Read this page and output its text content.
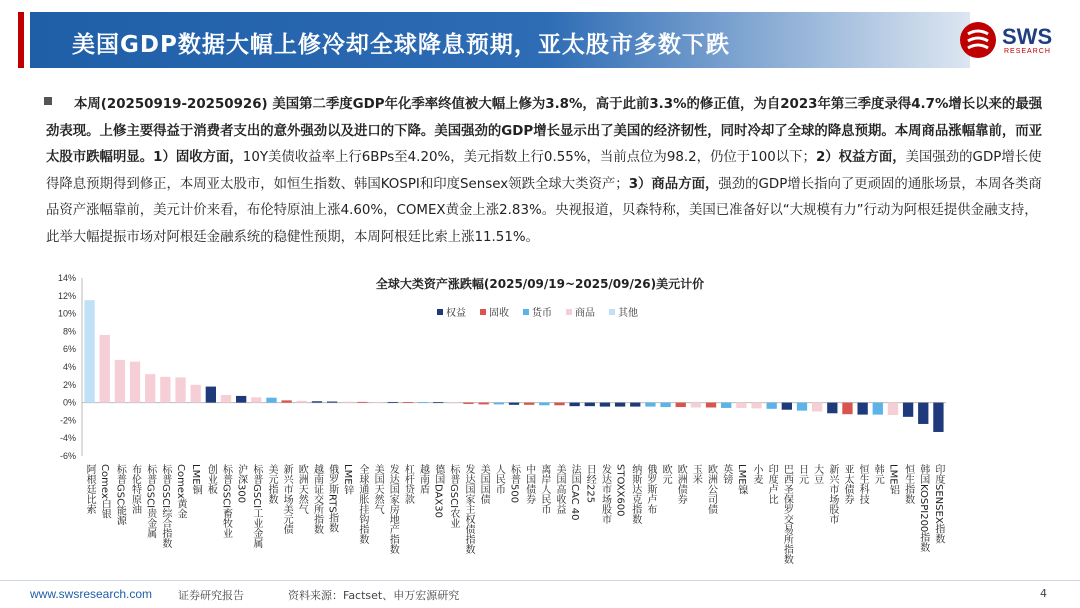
美国GDP数据大幅上修冷却全球降息预期，亚太股市多数下跌	SWS
RESEARCH
本周(20250919-20250926) 美国第二季度GDP年化季率终值被大幅上修为3.8%，高于此前3.3%的修正值，为自2023年第三季度录得4.7%增长以来的最强劲表现。上修主要得益于消费者支出的意外强劲以及进口的下降。美国强劲的GDP增长显示出了美国的经济韧性，同时冷却了全球的降息预期。本周商品涨幅靠前，而亚太股市跌幅明显。1）固收方面，10Y美债收益率上行6BPs至4.20%，美元指数上行0.55%，当前点位为98.2，仍位于100以下；2）权益方面，美国强劲的GDP增长使得降息预期得到修正，本周亚太股市，如恒生指数、韩国KOSPI和印度Sensex领跌全球大类资产；3）商品方面，强劲的GDP增长指向了更顽固的通胀场景，本周各类商品资产涨幅靠前，美元计价来看，布伦特原油上涨4.60%，COMEX黄金上涨2.83%。央视报道，贝森特称，美国已准备好以“大规模有力”行动为阿根廷提供金融支持，此举大幅提振市场对阿根廷金融系统的稳健性预期，本周阿根廷比索上涨11.51%。
14%
12%
10%
8%
6%
4%
2%
0%
-2%
-4%
-6%
全球大类资产涨跌幅(2025/09/19~2025/09/26)美元计价
权益 固收 货币 商品 其他
阿根廷比索 Comex白银 标普GSC能源 布伦特原油 标普GSCI贵金属 标普GSCI综合指数 Comex黄金 LME铜 创业板 标普GSCI畜牧业 沪深300 标普GSCI工业金属 美元指数 新兴市场美元债 欧洲天然气 越南证交所指数 俄罗斯RTS指数 LME锌 全球通胀挂钩指数 美国天然气 发达国家房地产指数 杠杆贷款 越南盾 德国DAX30 标普GSCI农业 发达国家主权债指数 美国国债 人民币 标普500 中国债券 离岸人民币 美国高收益 法国CAC 40 日经225 发达市场股市 STOXX600 纳斯达克指数 俄罗斯卢布 欧元 欧洲债券 玉米 欧洲公司债 英镑 LME镍 小麦 印度卢比 巴西圣保罗交易所指数 日元 大豆 新兴市场股市 亚太债券 恒生科技 韩元 LME铝 恒生指数 韩国KOSPI200指数 印度SENSEX指数
www.swsresearch.com 证券研究报告	资料来源：Factset、申万宏源研究	4
